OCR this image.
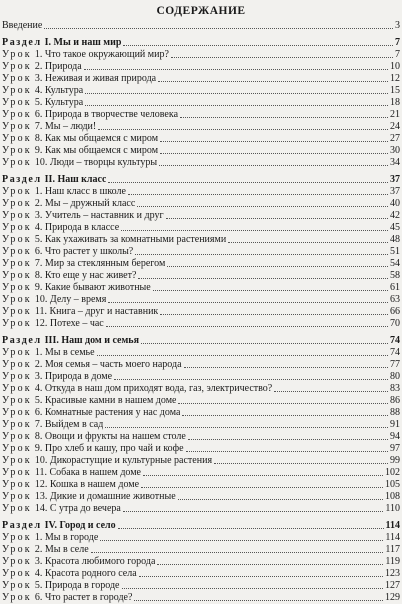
СОДЕРЖАНИЕ
Введение	3
Раздел I. Мы и наш мир	7
Урок 1. Что такое окружающий мир?	7
Урок 2. Природа	10
Урок 3. Неживая и живая природа	12
Урок 4. Культура	15
Урок 5. Культура	18
Урок 6. Природа в творчестве человека	21
Урок 7. Мы – люди!	24
Урок 8. Как мы общаемся с миром	27
Урок 9. Как мы общаемся с миром	30
Урок 10. Люди – творцы культуры	34
Раздел II. Наш класс	37
Урок 1. Наш класс в школе	37
Урок 2. Мы – дружный класс	40
Урок 3. Учитель – наставник и друг	42
Урок 4. Природа в классе	45
Урок 5. Как ухаживать за комнатными растениями	48
Урок 6. Что растет у школы?	51
Урок 7. Мир за стеклянным берегом	54
Урок 8. Кто еще у нас живет?	58
Урок 9. Какие бывают животные	61
Урок 10. Делу – время	63
Урок 11. Книга – друг и наставник	66
Урок 12. Потехе – час	70
Раздел III. Наш дом и семья	74
Урок 1. Мы в семье	74
Урок 2. Моя семья – часть моего народа	77
Урок 3. Природа в доме	80
Урок 4. Откуда в наш дом приходят вода, газ, электричество?	83
Урок 5. Красивые камни в нашем доме	86
Урок 6. Комнатные растения у нас дома	88
Урок 7. Выйдем в сад	91
Урок 8. Овощи и фрукты на нашем столе	94
Урок 9. Про хлеб и кашу, про чай и кофе	97
Урок 10. Дикорастущие и культурные растения	99
Урок 11. Собака в нашем доме	102
Урок 12. Кошка в нашем доме	105
Урок 13. Дикие и домашние животные	108
Урок 14. С утра до вечера	110
Раздел IV. Город и село	114
Урок 1. Мы в городе	114
Урок 2. Мы в селе	117
Урок 3. Красота любимого города	119
Урок 4. Красота родного села	123
Урок 5. Природа в городе	127
Урок 6. Что растет в городе?	129
